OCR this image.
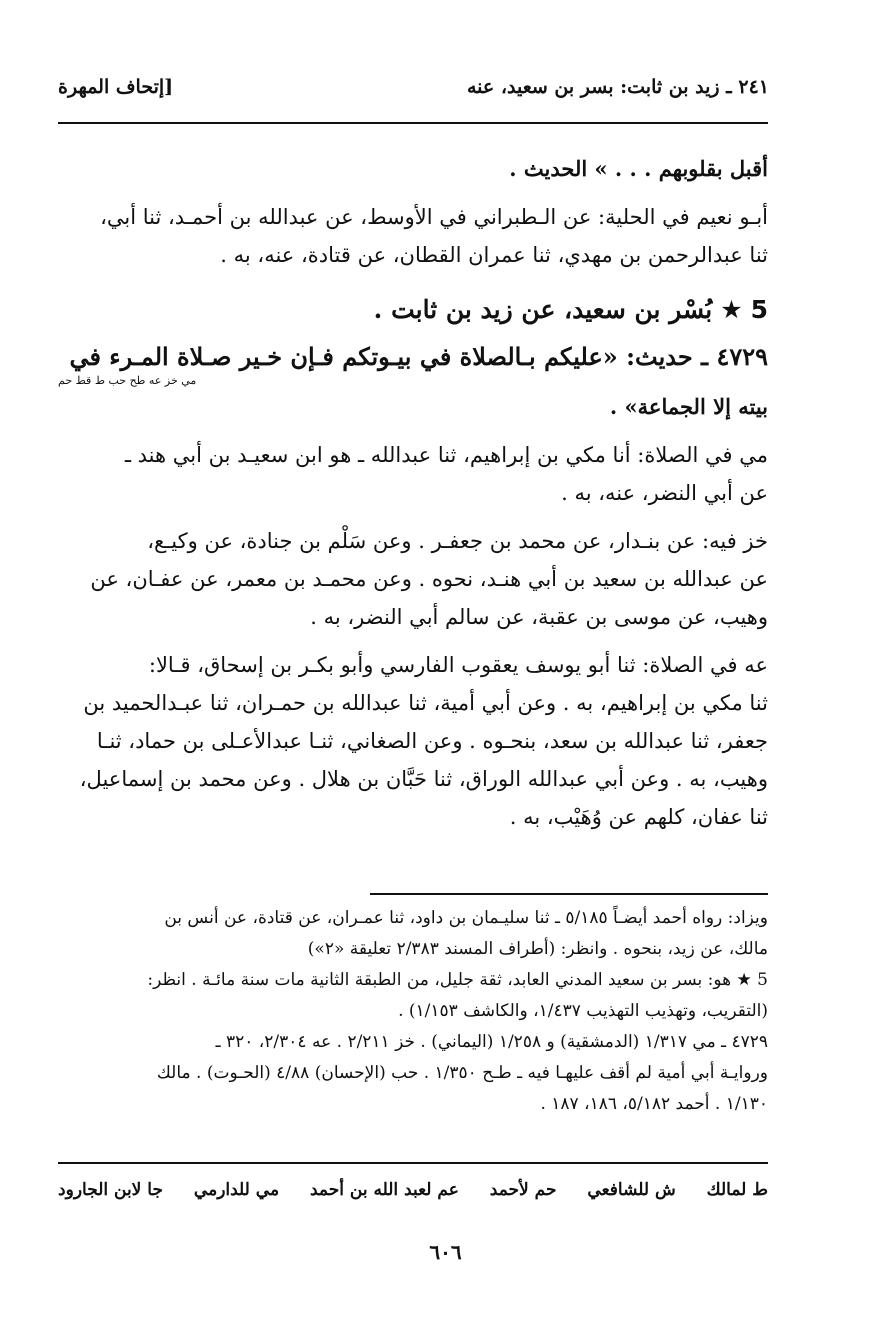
٢٤١ ـ زيد بن ثابت: بسر بن سعيد، عنه
[إتحاف المهرة

أقبل بقلوبهم . . . » الحديث .

أبـو نعيم في الحلية: عن الـطبراني في الأوسط، عن عبدالله بن أحمـد، ثنا أبي،

ثنا عبدالرحمن بن مهدي، ثنا عمران القطان، عن قتادة، عنه، به .

5 ★ بُسْر بن سعيد، عن زيد بن ثابت .

٤٧٢٩ ـ حديث: «عليكم بـالصلاة في بيـوتكم فـإن خـير صـلاة المـرء في

مي خز عه طح حب ط قط حم

بيته إلا الجماعة» .

مي في الصلاة: أنا مكي بن إبراهيم، ثنا عبدالله ـ هو ابن سعيـد بن أبي هند ـ

عن أبي النضر، عنه، به .

خز فيه: عن بنـدار، عن محمد بن جعفـر . وعن سَلْم بن جنادة، عن وكيـع،

عن عبدالله بن سعيد بن أبي هنـد، نحوه . وعن محمـد بن معمر، عن عفـان، عن

وهيب، عن موسى بن عقبة، عن سالم أبي النضر، به .

عه في الصلاة: ثنا أبو يوسف يعقوب الفارسي وأبو بكـر بن إسحاق، قـالا:

ثنا مكي بن إبراهيم، به . وعن أبي أمية، ثنا عبدالله بن حمـران، ثنا عبـدالحميد بن

جعفر، ثنا عبدالله بن سعد، بنحـوه . وعن الصغاني، ثنـا عبدالأعـلى بن حماد، ثنـا

وهيب، به . وعن أبي عبدالله الوراق، ثنا حَبَّان بن هلال . وعن محمد بن إسماعيل،

ثنا عفان، كلهم عن وُهَيْب، به .

ويزاد: رواه أحمد أيضـاً ٥/١٨٥ ـ ثنا سليـمان بن داود، ثنا عمـران، عن قتادة، عن أنس بن

مالك، عن زيد، بنحوه . وانظر: (أطراف المسند ٢/٣٨٣ تعليقة «٢»)

5 ★ هو: بسر بن سعيد المدني العابد، ثقة جليل، من الطبقة الثانية مات سنة مائـة . انظر:

(التقريب، وتهذيب التهذيب ١/٤٣٧، والكاشف ١/١٥٣) .

٤٧٢٩ ـ مي ١/٣١٧ (الدمشقية) و ١/٢٥٨ (اليماني) . خز ٢/٢١١ . عه ٢/٣٠٤، ٣٢٠ ـ

وروايـة أبي أمية لم أقف عليهـا فيه ـ طـح ١/٣٥٠ . حب (الإحسان) ٤/٨٨ (الحـوت) . مالك

١/١٣٠ . أحمد ٥/١٨٢، ١٨٦، ١٨٧ .

ط لمالك
ش للشافعي
حم لأحمد
عم لعبد الله بن أحمد
مي للدارمي
جا لابن الجارود
٦٠٦
